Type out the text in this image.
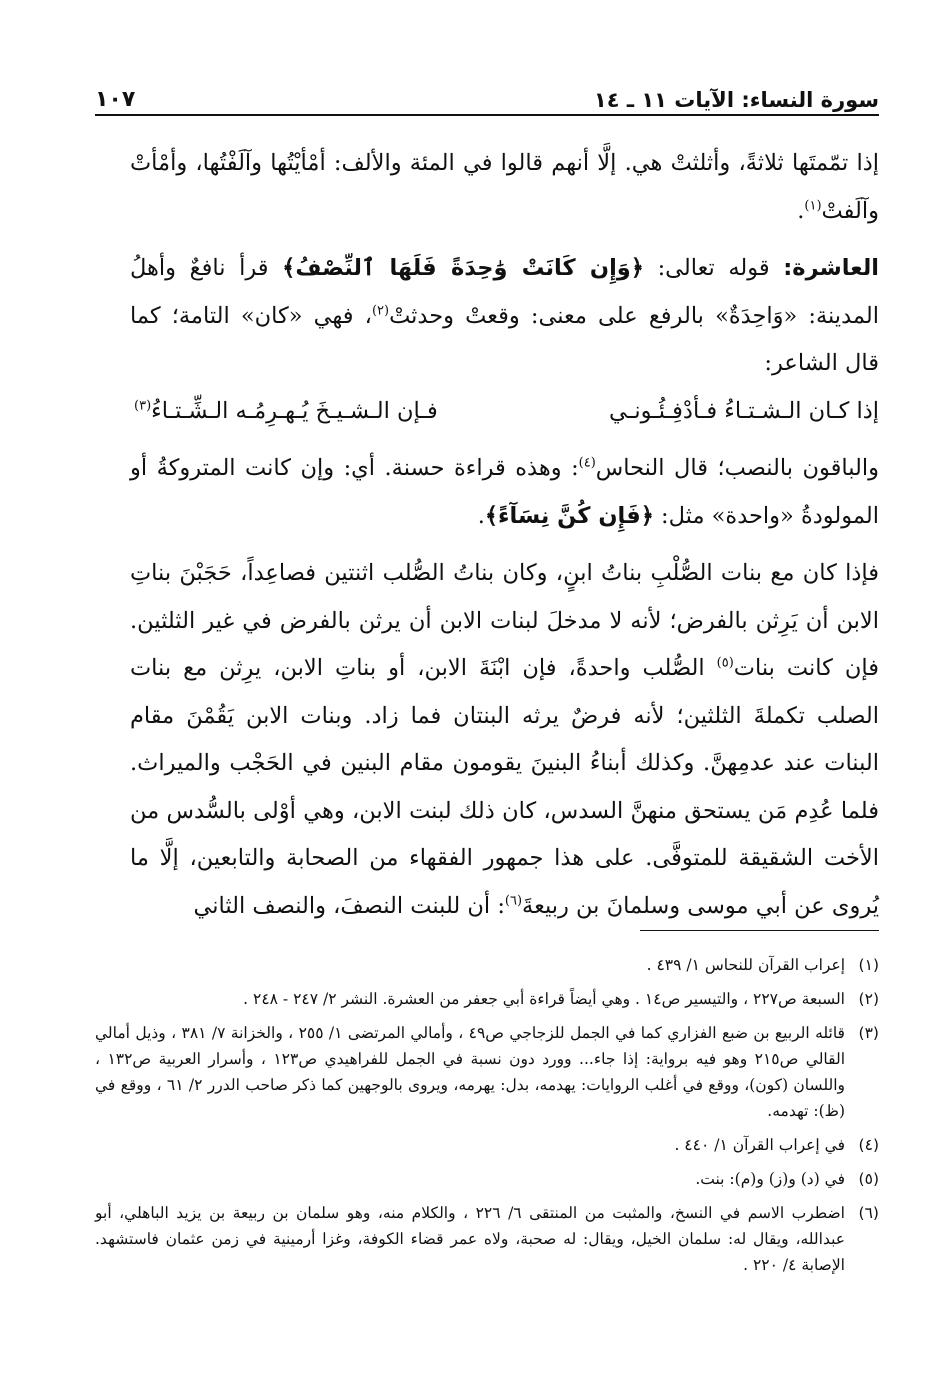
١٠٧	سورة النساء: الآيات ١١ ـ ١٤

إذا تمّمتَها ثلاثةً، وأثلثتْ هي. إلَّا أنهم قالوا في المئة والألف: أمْأيْتُها وآلَفْتُها، وأمْأتْ وآلَفتْ$^{(١)}$.

العاشرة: قوله تعالى: ﴿وَإِن كَانَتْ وَٰحِدَةً فَلَهَا ٱلنِّصْفُ﴾ قرأ نافعٌ وأهلُ المدينة: «وَاحِدَةٌ» بالرفع على معنى: وقعتْ وحدثتْ$^{(٢)}$، فهي «كان» التامة؛ كما قال الشاعر:

إذا كـان الـشـتـاءُ فـأدْفِـئُـونـي
فـإن الـشـيـخَ يُـهـرِمُـه الـشِّـتـاءُ$^{(٣)}$

والباقون بالنصب؛ قال النحاس$^{(٤)}$: وهذه قراءة حسنة. أي: وإن كانت المتروكةُ أو المولودةُ «واحدة» مثل: ﴿فَإِن كُنَّ نِسَآءً﴾.

فإذا كان مع بنات الصُّلْبِ بناتُ ابنٍ، وكان بناتُ الصُّلب اثنتين فصاعِداً، حَجَبْنَ بناتِ الابن أن يَرِثن بالفرض؛ لأنه لا مدخلَ لبنات الابن أن يرثن بالفرض في غير الثلثين. فإن كانت بنات$^{(٥)}$ الصُّلب واحدةً، فإن ابْنَةَ الابن، أو بناتِ الابن، يرِثن مع بنات الصلب تكملةَ الثلثين؛ لأنه فرضٌ يرثه البنتان فما زاد. وبنات الابن يَقُمْنَ مقام البنات عند عدمِهنَّ. وكذلك أبناءُ البنينَ يقومون مقام البنين في الحَجْب والميراث. فلما عُدِم مَن يستحق منهنَّ السدس، كان ذلك لبنت الابن، وهي أوْلى بالسُّدس من الأخت الشقيقة للمتوفَّى. على هذا جمهور الفقهاء من الصحابة والتابعين، إلَّا ما يُروى عن أبي موسى وسلمانَ بن ربيعةَ$^{(٦)}$: أن للبنت النصفَ، والنصف الثاني

(١)إعراب القرآن للنحاس ١/ ٤٣٩ .

(٢)السبعة ص٢٢٧ ، والتيسير ص١٤ . وهي أيضاً قراءة أبي جعفر من العشرة. النشر ٢/ ٢٤٧ - ٢٤٨ .

(٣)قائله الربيع بن ضبع الفزاري كما في الجمل للزجاجي ص٤٩ ، وأمالي المرتضى ١/ ٢٥٥ ، والخزانة ٧/ ٣٨١ ، وذيل أمالي القالي ص٢١٥ وهو فيه برواية: إذا جاء... وورد دون نسبة في الجمل للفراهيدي ص١٢٣ ، وأسرار العربية ص١٣٢ ، واللسان (كون)، ووقع في أغلب الروايات: يهدمه، بدل: يهرمه، ويروى بالوجهين كما ذكر صاحب الدرر ٢/ ٦١ ، ووقع في (ظ): تهدمه.

(٤)في إعراب القرآن ١/ ٤٤٠ .

(٥)في (د) و(ز) و(م): بنت.

(٦)اضطرب الاسم في النسخ، والمثبت من المنتقى ٦/ ٢٢٦ ، والكلام منه، وهو سلمان بن ربيعة بن يزيد الباهلي، أبو عبدالله، ويقال له: سلمان الخيل، ويقال: له صحبة، ولاه عمر قضاء الكوفة، وغزا أرمينية في زمن عثمان فاستشهد. الإصابة ٤/ ٢٢٠ .
